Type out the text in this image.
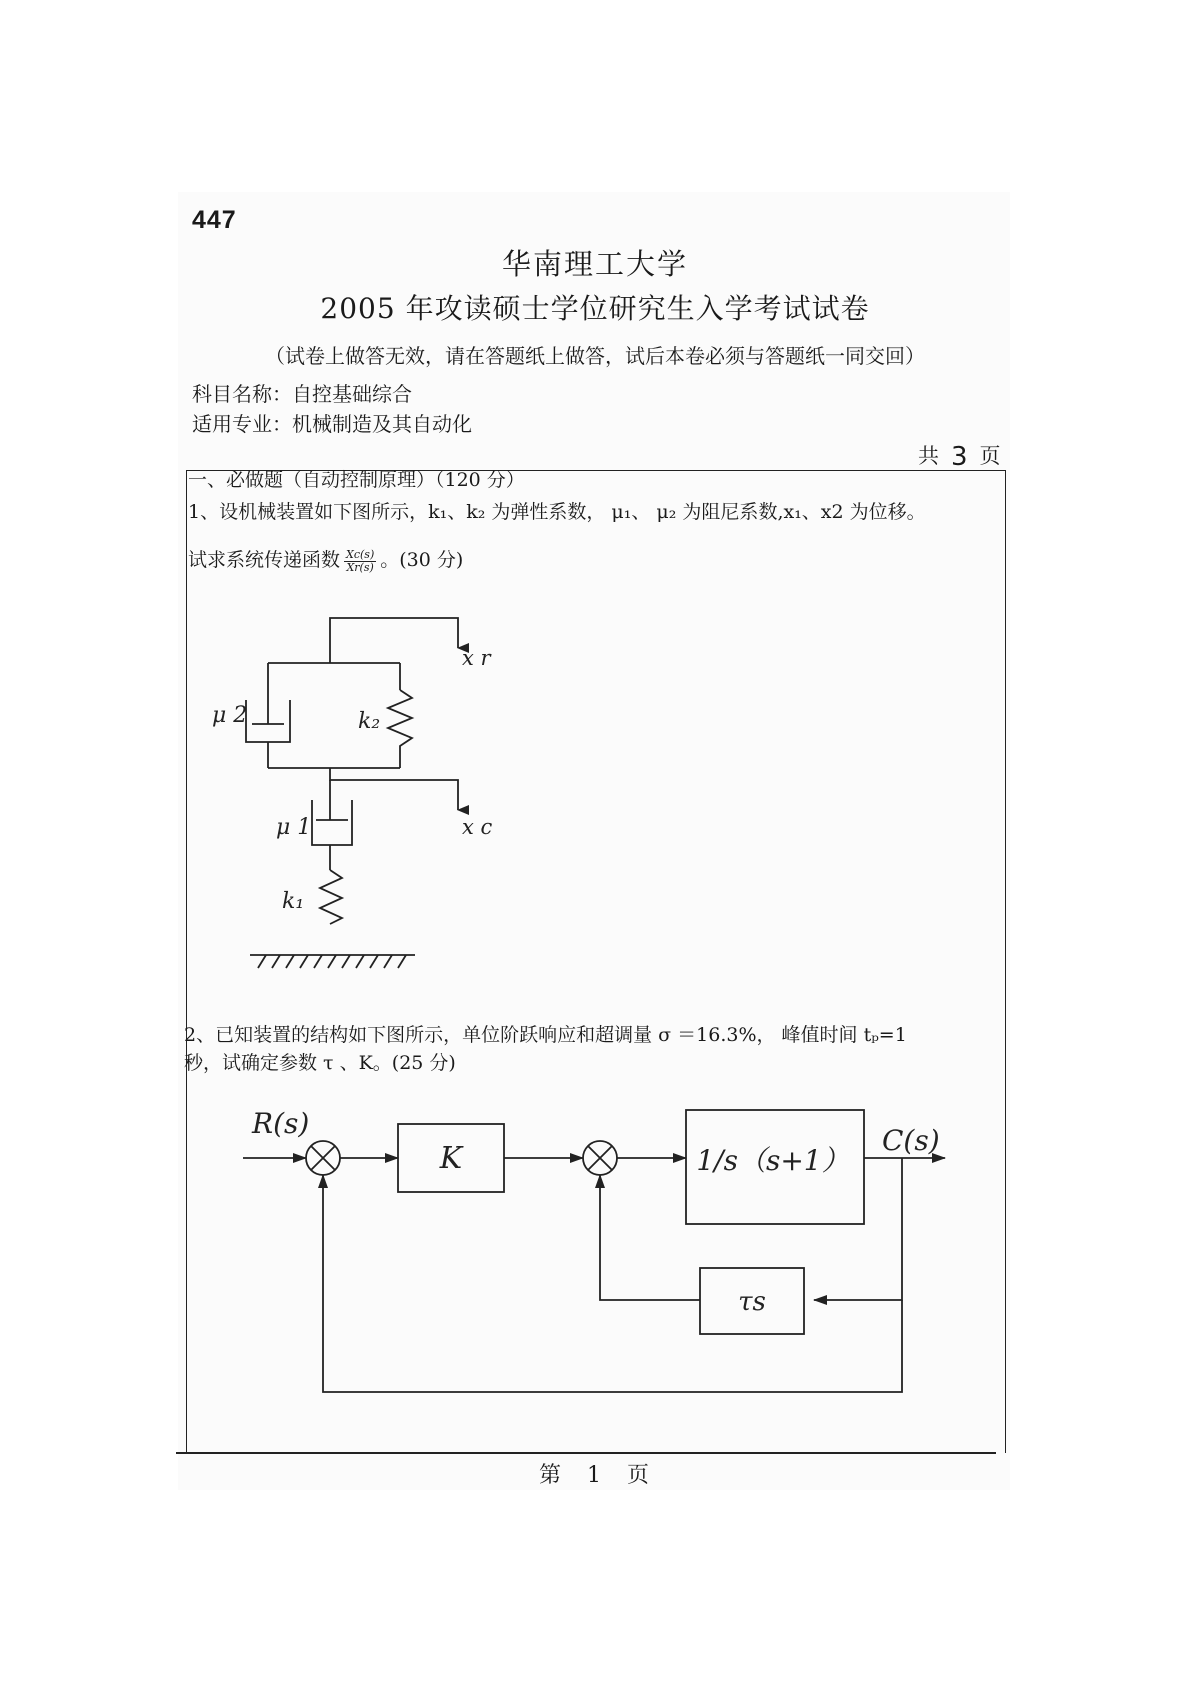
447
华南理工大学
2005 年攻读硕士学位研究生入学考试试卷
（试卷上做答无效，请在答题纸上做答，试后本卷必须与答题纸一同交回）
科目名称：自控基础综合
适用专业：机械制造及其自动化
共 3 页
一、必做题（自动控制原理）（120 分）
1、设机械装置如下图所示，k₁、k₂ 为弹性系数， μ₁、 μ₂ 为阻尼系数,x₁、x2 为位移。
试求系统传递函数 $\frac{Xc(s)}{Xr(s)}$ 。(30 分)
x r
x c
μ 2
μ 1
k₂
k₁
2、已知装置的结构如下图所示，单位阶跃响应和超调量 σ ＝16.3%， 峰值时间 tₚ=1
秒，试确定参数 τ 、K。(25 分)
K	1/s（s+1）
τs
R(s)
C(s)
第　1　页
